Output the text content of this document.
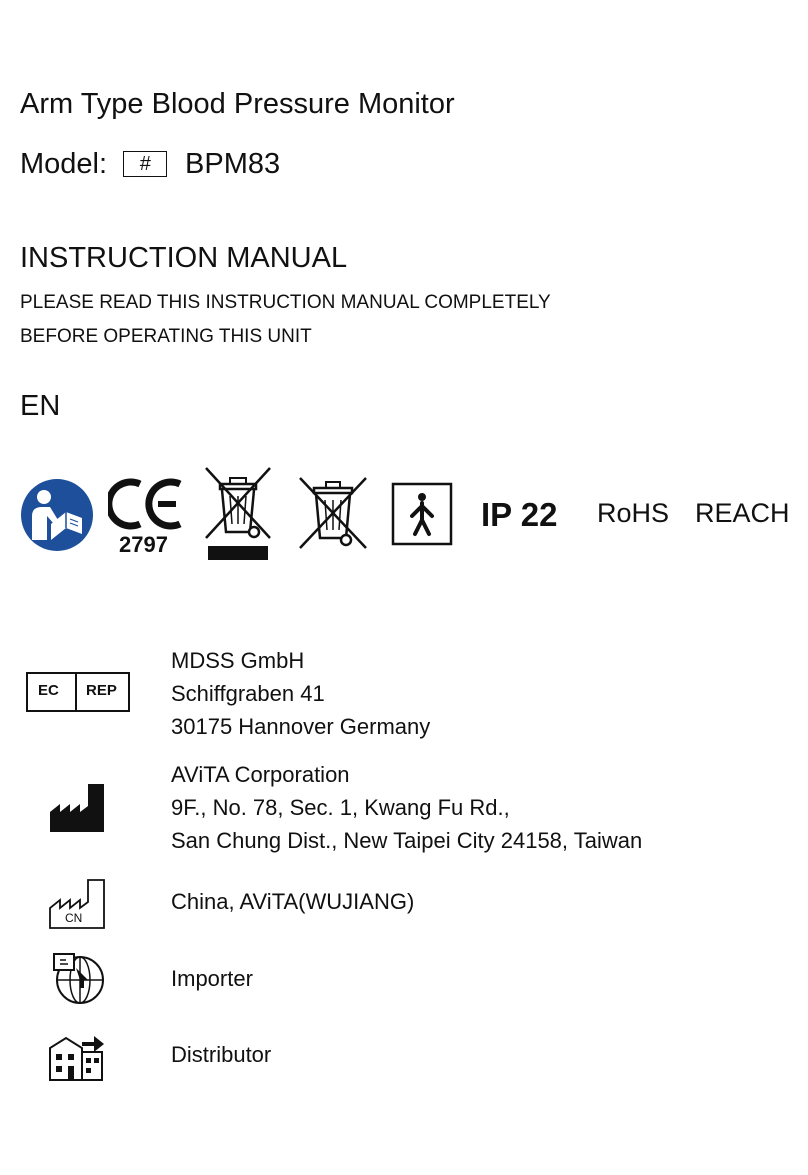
Arm Type Blood Pressure Monitor
Model:	#	BPM83
INSTRUCTION MANUAL
PLEASE READ THIS INSTRUCTION MANUAL COMPLETELY
BEFORE OPERATING THIS UNIT
EN
2797
IP 22 RoHS REACH
EC REP
MDSS GmbH
Schiffgraben 41
30175 Hannover Germany
AViTA Corporation
9F., No. 78, Sec. 1, Kwang Fu Rd.,
San Chung Dist., New Taipei City 24158, Taiwan
CN
China, AViTA(WUJIANG)
Importer
Distributor
